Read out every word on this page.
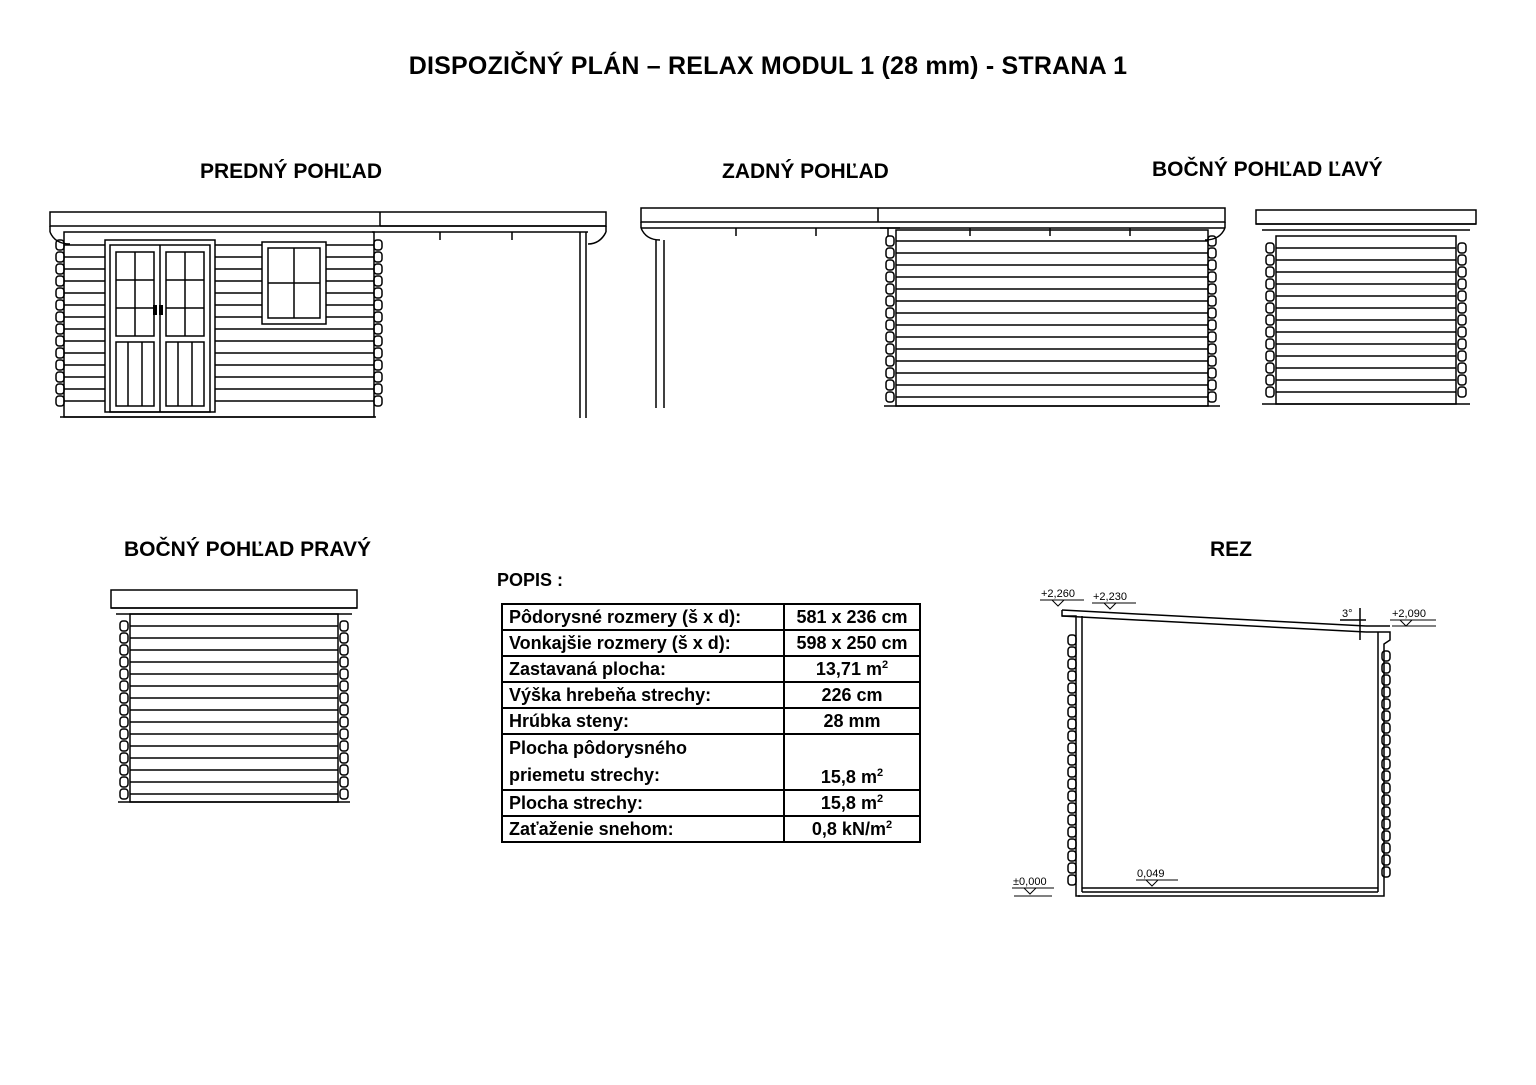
DISPOZIČNÝ PLÁN – RELAX MODUL 1 (28 mm) - STRANA 1
PREDNÝ POHĽAD	ZADNÝ POHĽAD	BOČNÝ POHĽAD ĽAVÝ
BOČNÝ POHĽAD PRAVÝ	REZ
+2,260 +2,230
+2,090
3°
±0,000
0,049
POPIS :
Pôdorysné rozmery (š x d):	581 x 236 cm
Vonkajšie rozmery (š x d):	598 x 250 cm
Zastavaná plocha:	13,71 $m^2$
Výška hrebeňa strechy:	226 cm
Hrúbka steny:	28 mm
Plocha pôdorysného
priemetu strechy:	15,8 $m^2$
Plocha strechy:	15,8 $m^2$
Zaťaženie snehom:	0,8 $kN/m^2$
